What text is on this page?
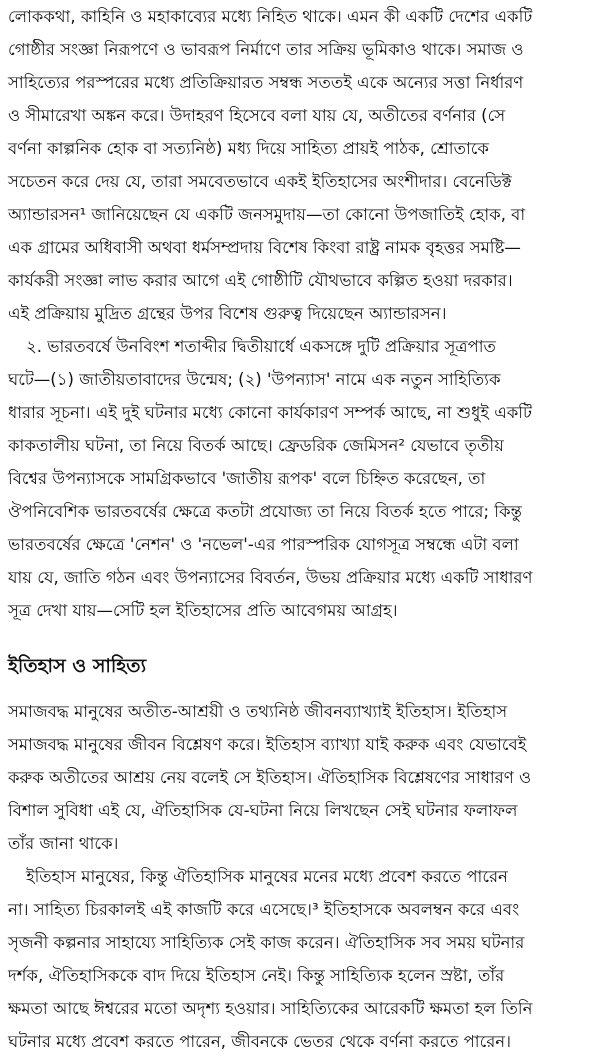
লোককথা, কাহিনি ও মহাকাব্যের মধ্যে নিহিত থাকে। এমন কী একটি দেশের একটি
গোষ্ঠীর সংজ্ঞা নিরূপণে ও ভাবরূপ নির্মাণে তার সক্রিয় ভূমিকাও থাকে। সমাজ ও
সাহিত্যের পরস্পরের মধ্যে প্রতিক্রিয়ারত সম্বন্ধ সততই একে অন্যের সত্তা নির্ধারণ
ও সীমারেখা অঙ্কন করে। উদাহরণ হিসেবে বলা যায় যে, অতীতের বর্ণনার (সে
বর্ণনা কাল্পনিক হোক বা সত্যনিষ্ঠ) মধ্য দিয়ে সাহিত্য প্রায়ই পাঠক, শ্রোতাকে
সচেতন করে দেয় যে, তারা সমবেতভাবে একই ইতিহাসের অংশীদার। বেনেডিক্ট
অ্যান্ডারসন¹ জানিয়েছেন যে একটি জনসমুদায়—তা কোনো উপজাতিই হোক, বা
এক গ্রামের অধিবাসী অথবা ধর্মসম্প্রদায় বিশেষ কিংবা রাষ্ট্র নামক বৃহত্তর সমষ্টি—
কার্যকরী সংজ্ঞা লাভ করার আগে এই গোষ্ঠীটি যৌথভাবে কল্পিত হওয়া দরকার।
এই প্রক্রিয়ায় মুদ্রিত গ্রন্থের উপর বিশেষ গুরুত্ব দিয়েছেন অ্যান্ডারসন।
২. ভারতবর্ষে উনবিংশ শতাব্দীর দ্বিতীয়ার্ধে একসঙ্গে দুটি প্রক্রিয়ার সূত্রপাত
ঘটে—(১) জাতীয়তাবাদের উন্মেষ; (২) 'উপন্যাস' নামে এক নতুন সাহিত্যিক
ধারার সূচনা। এই দুই ঘটনার মধ্যে কোনো কার্যকারণ সম্পর্ক আছে, না শুধুই একটি
কাকতালীয় ঘটনা, তা নিয়ে বিতর্ক আছে। ফ্রেডরিক জেমিসন² যেভাবে তৃতীয়
বিশ্বের উপন্যাসকে সামগ্রিকভাবে 'জাতীয় রূপক' বলে চিহ্নিত করেছেন, তা
ঔপনিবেশিক ভারতবর্ষের ক্ষেত্রে কতটা প্রযোজ্য তা নিয়ে বিতর্ক হতে পারে; কিন্তু
ভারতবর্ষের ক্ষেত্রে 'নেশন' ও 'নভেল'-এর পারস্পরিক যোগসূত্র সম্বন্ধে এটা বলা
যায় যে, জাতি গঠন এবং উপন্যাসের বিবর্তন, উভয় প্রক্রিয়ার মধ্যে একটি সাধারণ
সূত্র দেখা যায়—সেটি হল ইতিহাসের প্রতি আবেগময় আগ্রহ।
ইতিহাস ও সাহিত্য
সমাজবদ্ধ মানুষের অতীত-আশ্রয়ী ও তথ্যনিষ্ঠ জীবনব্যাখ্যাই ইতিহাস। ইতিহাস
সমাজবদ্ধ মানুষের জীবন বিশ্লেষণ করে। ইতিহাস ব্যাখ্যা যাই করুক এবং যেভাবেই
করুক অতীতের আশ্রয় নেয় বলেই সে ইতিহাস। ঐতিহাসিক বিশ্লেষণের সাধারণ ও
বিশাল সুবিধা এই যে, ঐতিহাসিক যে-ঘটনা নিয়ে লিখছেন সেই ঘটনার ফলাফল
তাঁর জানা থাকে।
ইতিহাস মানুষের, কিন্তু ঐতিহাসিক মানুষের মনের মধ্যে প্রবেশ করতে পারেন
না। সাহিত্য চিরকালই এই কাজটি করে এসেছে।³ ইতিহাসকে অবলম্বন করে এবং
সৃজনী কল্পনার সাহায্যে সাহিত্যিক সেই কাজ করেন। ঐতিহাসিক সব সময় ঘটনার
দর্শক, ঐতিহাসিককে বাদ দিয়ে ইতিহাস নেই। কিন্তু সাহিত্যিক হলেন স্রষ্টা, তাঁর
ক্ষমতা আছে ঈশ্বরের মতো অদৃশ্য হওয়ার। সাহিত্যিকের আরেকটি ক্ষমতা হল তিনি
ঘটনার মধ্যে প্রবেশ করতে পারেন, জীবনকে ভেতর থেকে বর্ণনা করতে পারেন।
